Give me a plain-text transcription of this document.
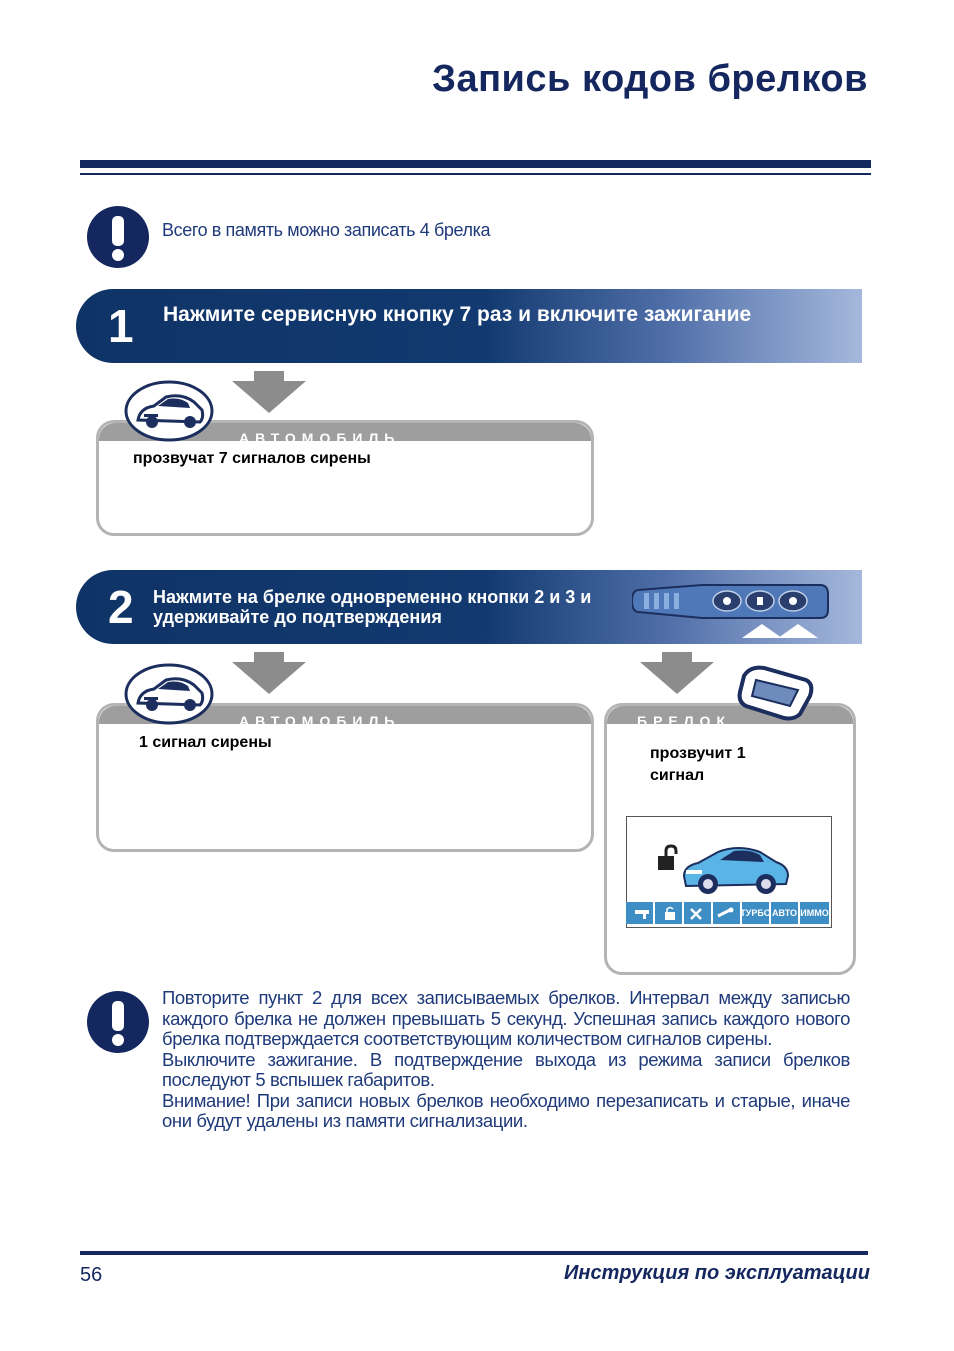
Запись кодов брелков
Всего в память можно записать 4 брелка
1 Нажмите сервисную кнопку 7 раз и включите зажигание
АВТОМОБИЛЬ
прозвучат 7 сигналов сирены
2 Нажмите на брелке одновременно кнопки 2 и 3 и удерживайте до подтверждения
АВТОМОБИЛЬ
1 сигнал сирены
БРЕЛОК
прозвучит 1
сигнал
ТУРБО АВТО ИММО

Повторите пункт 2 для всех записываемых брелков. Интервал между записью каждого брелка не должен превышать 5 секунд. Успешная запись каждого нового брелка подтверждается соответствующим количеством сигналов сирены.

Выключите зажигание. В подтверждение выхода из режима записи брелков последуют 5 вспышек габаритов.

Внимание! При записи новых брелков необходимо перезаписать и старые, иначе они будут удалены из памяти сигнализации.

56	Инструкция по эксплуатации
